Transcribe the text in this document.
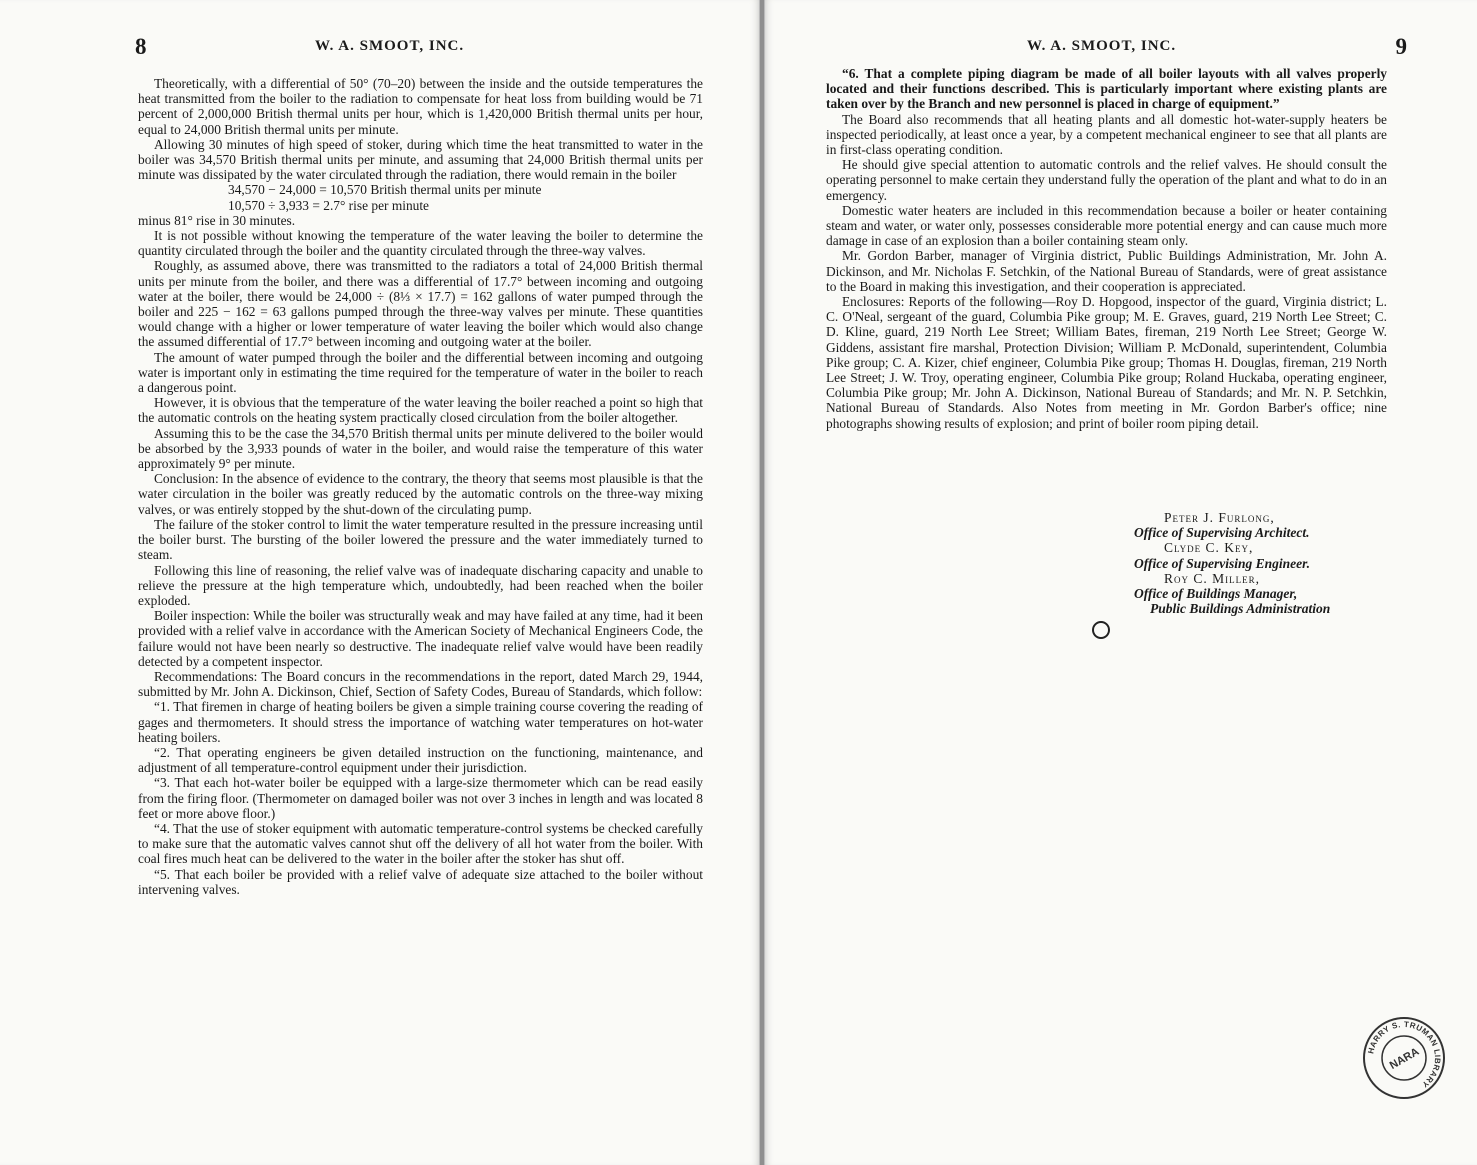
8	W. A. SMOOT, INC.

Theoretically, with a differential of 50° (70–20) between the inside and the outside temperatures the heat transmitted from the boiler to the radiation to compensate for heat loss from building would be 71 percent of 2,000,000 British thermal units per hour, which is 1,420,000 British thermal units per hour, equal to 24,000 British thermal units per minute.

Allowing 30 minutes of high speed of stoker, during which time the heat transmitted to water in the boiler was 34,570 British thermal units per minute, and assuming that 24,000 British thermal units per minute was dissipated by the water circulated through the radiation, there would remain in the boiler

34,570 − 24,000 = 10,570 British thermal units per minute

10,570 ÷ 3,933 = 2.7° rise per minute

minus 81° rise in 30 minutes.

It is not possible without knowing the temperature of the water leaving the boiler to determine the quantity circulated through the boiler and the quantity circulated through the three-way valves.

Roughly, as assumed above, there was transmitted to the radiators a total of 24,000 British thermal units per minute from the boiler, and there was a differential of 17.7° between incoming and outgoing water at the boiler, there would be 24,000 ÷ (8⅓ × 17.7) = 162 gallons of water pumped through the boiler and 225 − 162 = 63 gallons pumped through the three-way valves per minute. These quantities would change with a higher or lower temperature of water leaving the boiler which would also change the assumed differential of 17.7° between incoming and outgoing water at the boiler.

The amount of water pumped through the boiler and the differential between incoming and outgoing water is important only in estimating the time required for the temperature of water in the boiler to reach a dangerous point.

However, it is obvious that the temperature of the water leaving the boiler reached a point so high that the automatic controls on the heating system practically closed circulation from the boiler altogether.

Assuming this to be the case the 34,570 British thermal units per minute delivered to the boiler would be absorbed by the 3,933 pounds of water in the boiler, and would raise the temperature of this water approximately 9° per minute.

Conclusion: In the absence of evidence to the contrary, the theory that seems most plausible is that the water circulation in the boiler was greatly reduced by the automatic controls on the three-way mixing valves, or was entirely stopped by the shut-down of the circulating pump.

The failure of the stoker control to limit the water temperature resulted in the pressure increasing until the boiler burst. The bursting of the boiler lowered the pressure and the water immediately turned to steam.

Following this line of reasoning, the relief valve was of inadequate discharing capacity and unable to relieve the pressure at the high temperature which, undoubtedly, had been reached when the boiler exploded.

Boiler inspection: While the boiler was structurally weak and may have failed at any time, had it been provided with a relief valve in accordance with the American Society of Mechanical Engineers Code, the failure would not have been nearly so destructive. The inadequate relief valve would have been readily detected by a competent inspector.

Recommendations: The Board concurs in the recommendations in the report, dated March 29, 1944, submitted by Mr. John A. Dickinson, Chief, Section of Safety Codes, Bureau of Standards, which follow:

“1. That firemen in charge of heating boilers be given a simple training course covering the reading of gages and thermometers. It should stress the importance of watching water temperatures on hot-water heating boilers.

“2. That operating engineers be given detailed instruction on the functioning, maintenance, and adjustment of all temperature-control equipment under their jurisdiction.

“3. That each hot-water boiler be equipped with a large-size thermometer which can be read easily from the firing floor. (Thermometer on damaged boiler was not over 3 inches in length and was located 8 feet or more above floor.)

“4. That the use of stoker equipment with automatic temperature-control systems be checked carefully to make sure that the automatic valves cannot shut off the delivery of all hot water from the boiler. With coal fires much heat can be delivered to the water in the boiler after the stoker has shut off.

“5. That each boiler be provided with a relief valve of adequate size attached to the boiler without intervening valves.

W. A. SMOOT, INC.	9

“6. That a complete piping diagram be made of all boiler layouts with all valves properly located and their functions described. This is particularly important where existing plants are taken over by the Branch and new personnel is placed in charge of equipment.”

The Board also recommends that all heating plants and all domestic hot-water-supply heaters be inspected periodically, at least once a year, by a competent mechanical engineer to see that all plants are in first-class operating condition.

He should give special attention to automatic controls and the relief valves. He should consult the operating personnel to make certain they understand fully the operation of the plant and what to do in an emergency.

Domestic water heaters are included in this recommendation because a boiler or heater containing steam and water, or water only, possesses considerable more potential energy and can cause much more damage in case of an explosion than a boiler containing steam only.

Mr. Gordon Barber, manager of Virginia district, Public Buildings Administration, Mr. John A. Dickinson, and Mr. Nicholas F. Setchkin, of the National Bureau of Standards, were of great assistance to the Board in making this investigation, and their cooperation is appreciated.

Enclosures: Reports of the following—Roy D. Hopgood, inspector of the guard, Virginia district; L. C. O'Neal, sergeant of the guard, Columbia Pike group; M. E. Graves, guard, 219 North Lee Street; C. D. Kline, guard, 219 North Lee Street; William Bates, fireman, 219 North Lee Street; George W. Giddens, assistant fire marshal, Protection Division; William P. McDonald, superintendent, Columbia Pike group; C. A. Kizer, chief engineer, Columbia Pike group; Thomas H. Douglas, fireman, 219 North Lee Street; J. W. Troy, operating engineer, Columbia Pike group; Roland Huckaba, operating engineer, Columbia Pike group; Mr. John A. Dickinson, National Bureau of Standards; and Mr. N. P. Setchkin, National Bureau of Standards. Also Notes from meeting in Mr. Gordon Barber's office; nine photographs showing results of explosion; and print of boiler room piping detail.

Peter J. Furlong,
Office of Supervising Architect.
Clyde C. Key,
Office of Supervising Engineer.
Roy C. Miller,
Office of Buildings Manager,
Public Buildings Administration
HARRY S. TRUMAN LIBRARY
NARA
